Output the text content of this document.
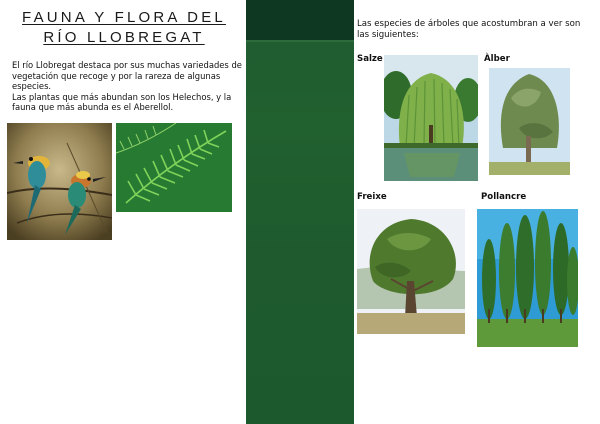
FAUNA Y FLORA DEL
RÍO LLOBREGAT

El río Llobregat destaca por sus muchas variedades de vegetación que recoge y por la rareza de algunas especies.

Las plantas que más abundan son los Helechos, y la fauna que más abunda es el Aberellol.

Las especies de árboles que acostumbran a ver son las siguientes:
Salze	Àlber
Freixe	Pollancre
